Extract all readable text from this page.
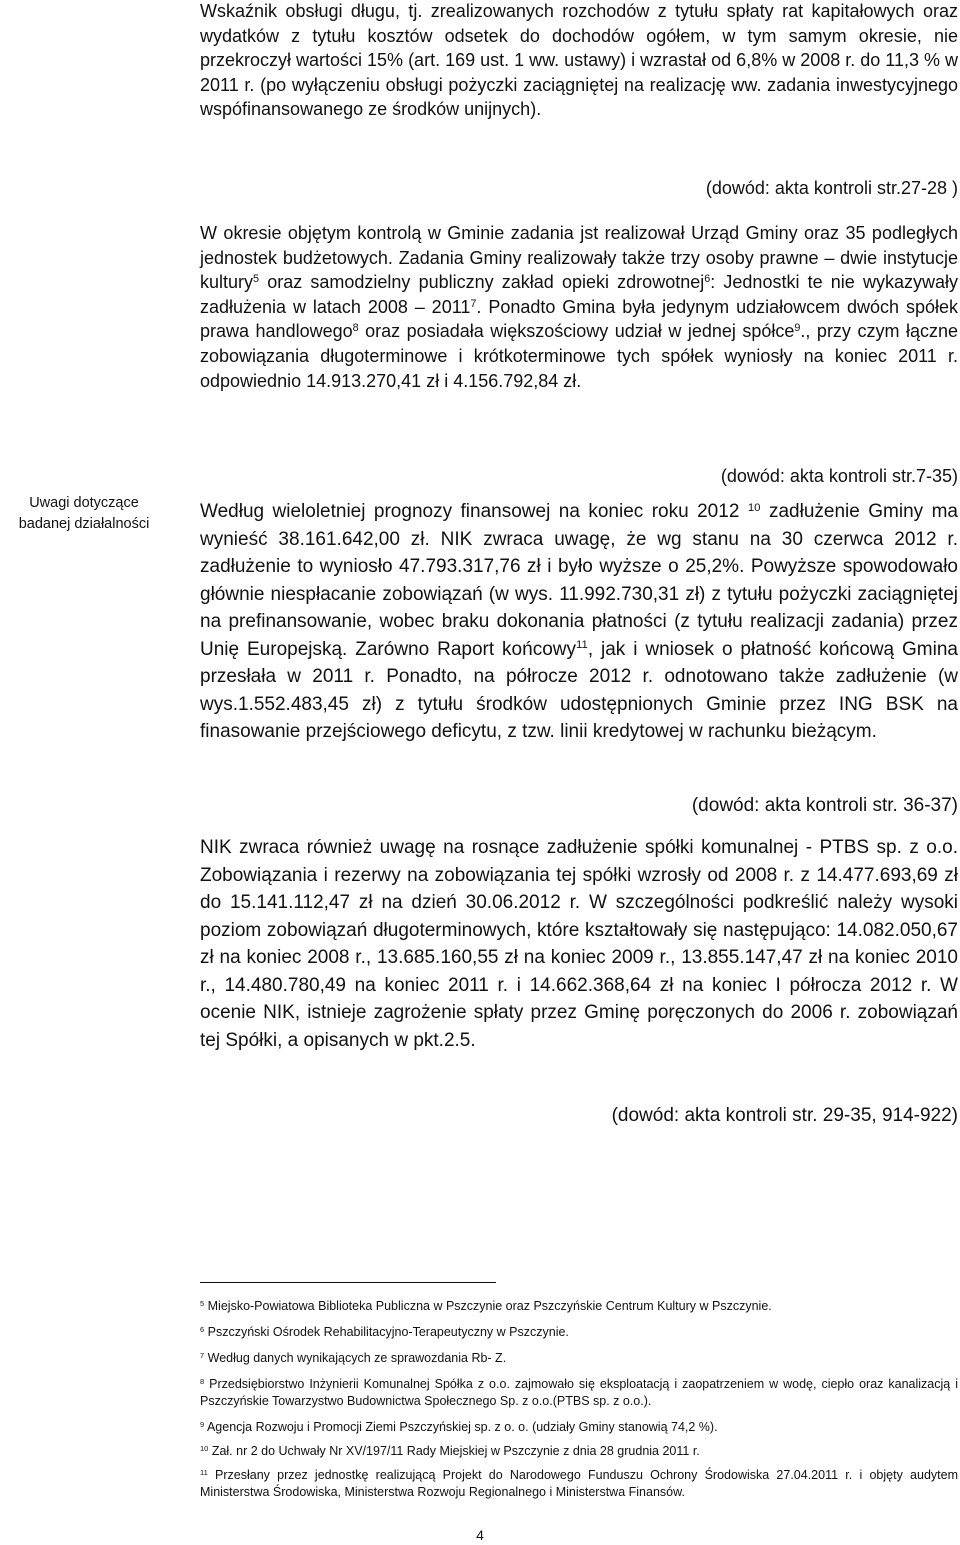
Uwagi dotyczące
badanej działalności

Wskaźnik obsługi długu, tj. zrealizowanych rozchodów z tytułu spłaty rat kapitałowych oraz wydatków z tytułu kosztów odsetek do dochodów ogółem, w tym samym okresie, nie przekroczył wartości 15% (art. 169 ust. 1 ww. ustawy) i wzrastał od 6,8% w 2008 r. do 11,3 % w 2011 r. (po wyłączeniu obsługi pożyczki zaciągniętej na realizację ww. zadania inwestycyjnego wspófinansowanego ze środków unijnych).

(dowód: akta kontroli str.27-28 )

W okresie objętym kontrolą w Gminie zadania jst realizował Urząd Gminy oraz 35 podległych jednostek budżetowych. Zadania Gminy realizowały także trzy osoby prawne – dwie instytucje kultury$^5$ oraz samodzielny publiczny zakład opieki zdrowotnej$^6$: Jednostki te nie wykazywały zadłużenia w latach 2008 – 2011$^7$. Ponadto Gmina była jedynym udziałowcem dwóch spółek prawa handlowego$^8$ oraz posiadała większościowy udział w jednej spółce$^9$., przy czym łączne zobowiązania długoterminowe i krótkoterminowe tych spółek wyniosły na koniec 2011 r. odpowiednio 14.913.270,41 zł i 4.156.792,84 zł.

(dowód: akta kontroli str.7-35)

Według wieloletniej prognozy finansowej na koniec roku 2012 $^{10}$ zadłużenie Gminy ma wynieść 38.161.642,00 zł. NIK zwraca uwagę, że wg stanu na 30 czerwca 2012 r. zadłużenie to wyniosło 47.793.317,76 zł i było wyższe o 25,2%. Powyższe spowodowało głównie niespłacanie zobowiązań (w wys. 11.992.730,31 zł) z tytułu pożyczki zaciągniętej na prefinansowanie, wobec braku dokonania płatności (z tytułu realizacji zadania) przez Unię Europejską. Zarówno Raport końcowy$^{11}$, jak i wniosek o płatność końcową Gmina przesłała w 2011 r. Ponadto, na półrocze 2012 r. odnotowano także zadłużenie (w wys.1.552.483,45 zł) z tytułu środków udostępnionych Gminie przez ING BSK na finasowanie przejściowego deficytu, z tzw. linii kredytowej w rachunku bieżącym.

(dowód: akta kontroli str. 36-37)

NIK zwraca również uwagę na rosnące zadłużenie spółki komunalnej - PTBS sp. z o.o. Zobowiązania i rezerwy na zobowiązania tej spółki wzrosły od 2008 r. z 14.477.693,69 zł do 15.141.112,47 zł na dzień 30.06.2012 r. W szczególności podkreślić należy wysoki poziom zobowiązań długoterminowych, które kształtowały się następująco: 14.082.050,67 zł na koniec 2008 r., 13.685.160,55 zł na koniec 2009 r., 13.855.147,47 zł na koniec 2010 r., 14.480.780,49 na koniec 2011 r. i 14.662.368,64 zł na koniec I półrocza 2012 r. W ocenie NIK, istnieje zagrożenie spłaty przez Gminę poręczonych do 2006 r. zobowiązań tej Spółki, a opisanych w pkt.2.5.

(dowód: akta kontroli str. 29-35, 914-922)

$^5$ Miejsko-Powiatowa Biblioteka Publiczna w Pszczynie oraz Pszczyńskie Centrum Kultury w Pszczynie.
$^6$ Pszczyński Ośrodek Rehabilitacyjno-Terapeutyczny w Pszczynie.
$^7$ Według danych wynikających ze sprawozdania Rb- Z.
$^8$ Przedsiębiorstwo Inżynierii Komunalnej Spółka z o.o. zajmowało się eksploatacją i zaopatrzeniem w wodę, ciepło oraz kanalizacją i Pszczyńskie Towarzystwo Budownictwa Społecznego Sp. z o.o.(PTBS sp. z o.o.).
$^9$ Agencja Rozwoju i Promocji Ziemi Pszczyńskiej sp. z o. o. (udziały Gminy stanowią 74,2 %).
$^{10}$ Zał. nr 2 do Uchwały Nr XV/197/11 Rady Miejskiej w Pszczynie z dnia 28 grudnia 2011 r.
$^{11}$ Przesłany przez jednostkę realizującą Projekt do Narodowego Funduszu Ochrony Środowiska 27.04.2011 r. i objęty audytem Ministerstwa Środowiska, Ministerstwa Rozwoju Regionalnego i Ministerstwa Finansów.
4
